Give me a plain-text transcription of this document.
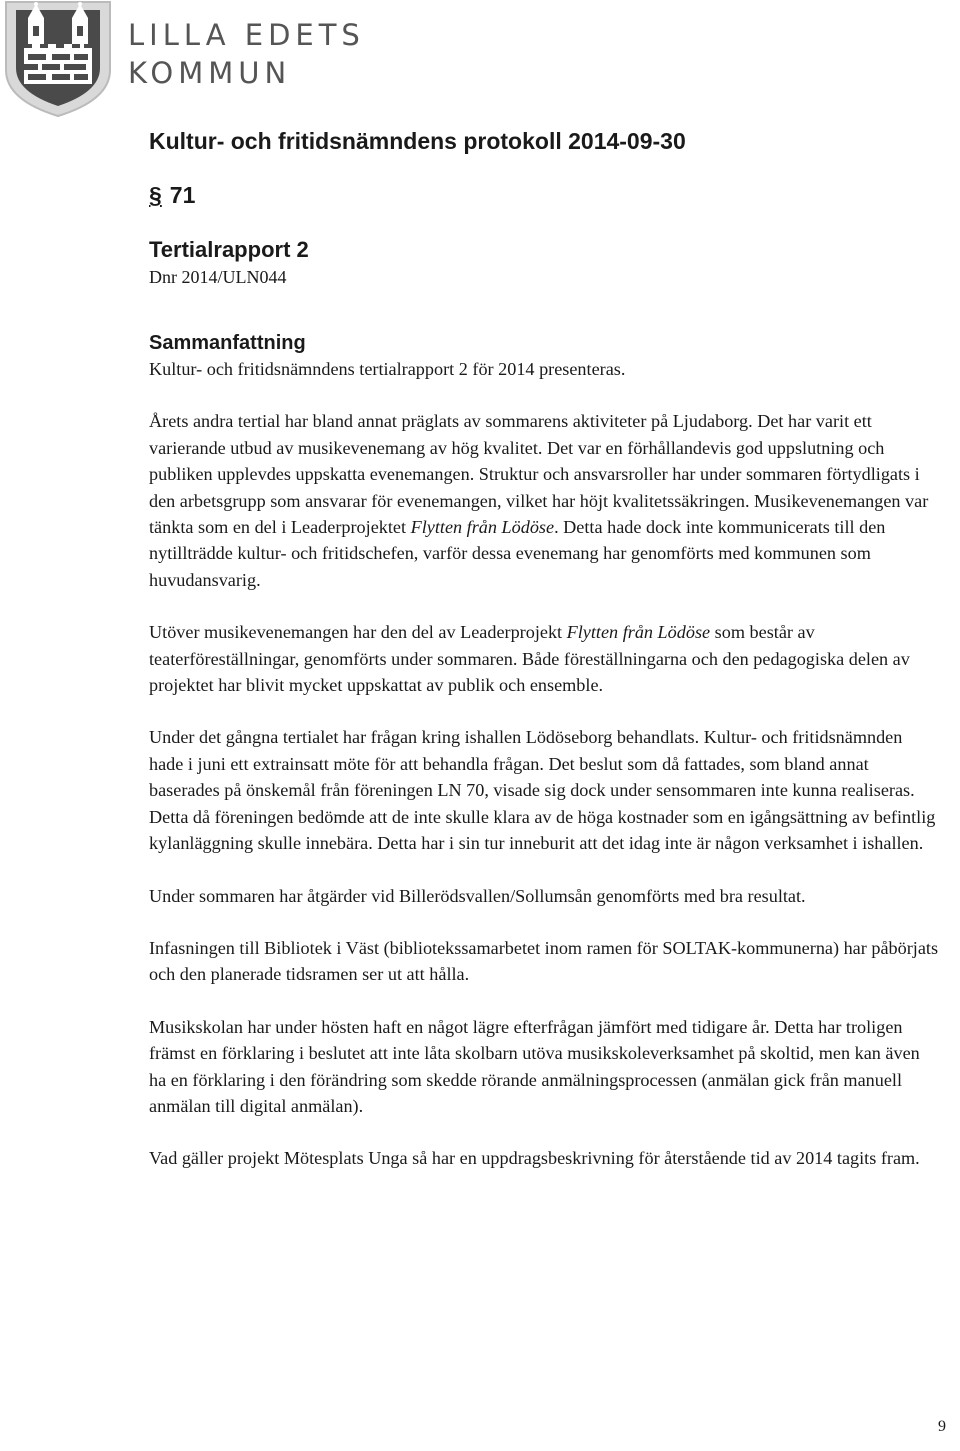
LILLA EDETS
KOMMUN
Kultur- och fritidsnämndens protokoll 2014-09-30
§ 71
Tertialrapport 2
Dnr 2014/ULN044
Sammanfattning

Kultur- och fritidsnämndens tertialrapport 2 för 2014 presenteras.

Årets andra tertial har bland annat präglats av sommarens aktiviteter på Ljudaborg. Det har varit ett varierande utbud av musikevenemang av hög kvalitet. Det var en förhållandevis god uppslutning och publiken upplevdes uppskatta evenemangen. Struktur och ansvarsroller har under sommaren förtydligats i den arbetsgrupp som ansvarar för evenemangen, vilket har höjt kvalitetssäkringen. Musikevenemangen var tänkta som en del i Leaderprojektet Flytten från Lödöse. Detta hade dock inte kommunicerats till den nytillträdde kultur- och fritidschefen, varför dessa evenemang har genomförts med kommunen som huvudansvarig.

Utöver musikevenemangen har den del av Leaderprojekt Flytten från Lödöse som består av teaterföreställningar, genomförts under sommaren. Både föreställningarna och den pedagogiska delen av projektet har blivit mycket uppskattat av publik och ensemble.

Under det gångna tertialet har frågan kring ishallen Lödöseborg behandlats. Kultur- och fritidsnämnden hade i juni ett extrainsatt möte för att behandla frågan. Det beslut som då fattades, som bland annat baserades på önskemål från föreningen LN 70, visade sig dock under sensommaren inte kunna realiseras. Detta då föreningen bedömde att de inte skulle klara av de höga kostnader som en igångsättning av befintlig kylanläggning skulle innebära. Detta har i sin tur inneburit att det idag inte är någon verksamhet i ishallen.

Under sommaren har åtgärder vid Billerödsvallen/Sollumsån genomförts med bra resultat.

Infasningen till Bibliotek i Väst (bibliotekssamarbetet inom ramen för SOLTAK-kommunerna) har påbörjats och den planerade tidsramen ser ut att hålla.

Musikskolan har under hösten haft en något lägre efterfrågan jämfört med tidigare år. Detta har troligen främst en förklaring i beslutet att inte låta skolbarn utöva musikskoleverksamhet på skoltid, men kan även ha en förklaring i den förändring som skedde rörande anmälningsprocessen (anmälan gick från manuell anmälan till digital anmälan).

Vad gäller projekt Mötesplats Unga så har en uppdragsbeskrivning för återstående tid av 2014 tagits fram.

9
